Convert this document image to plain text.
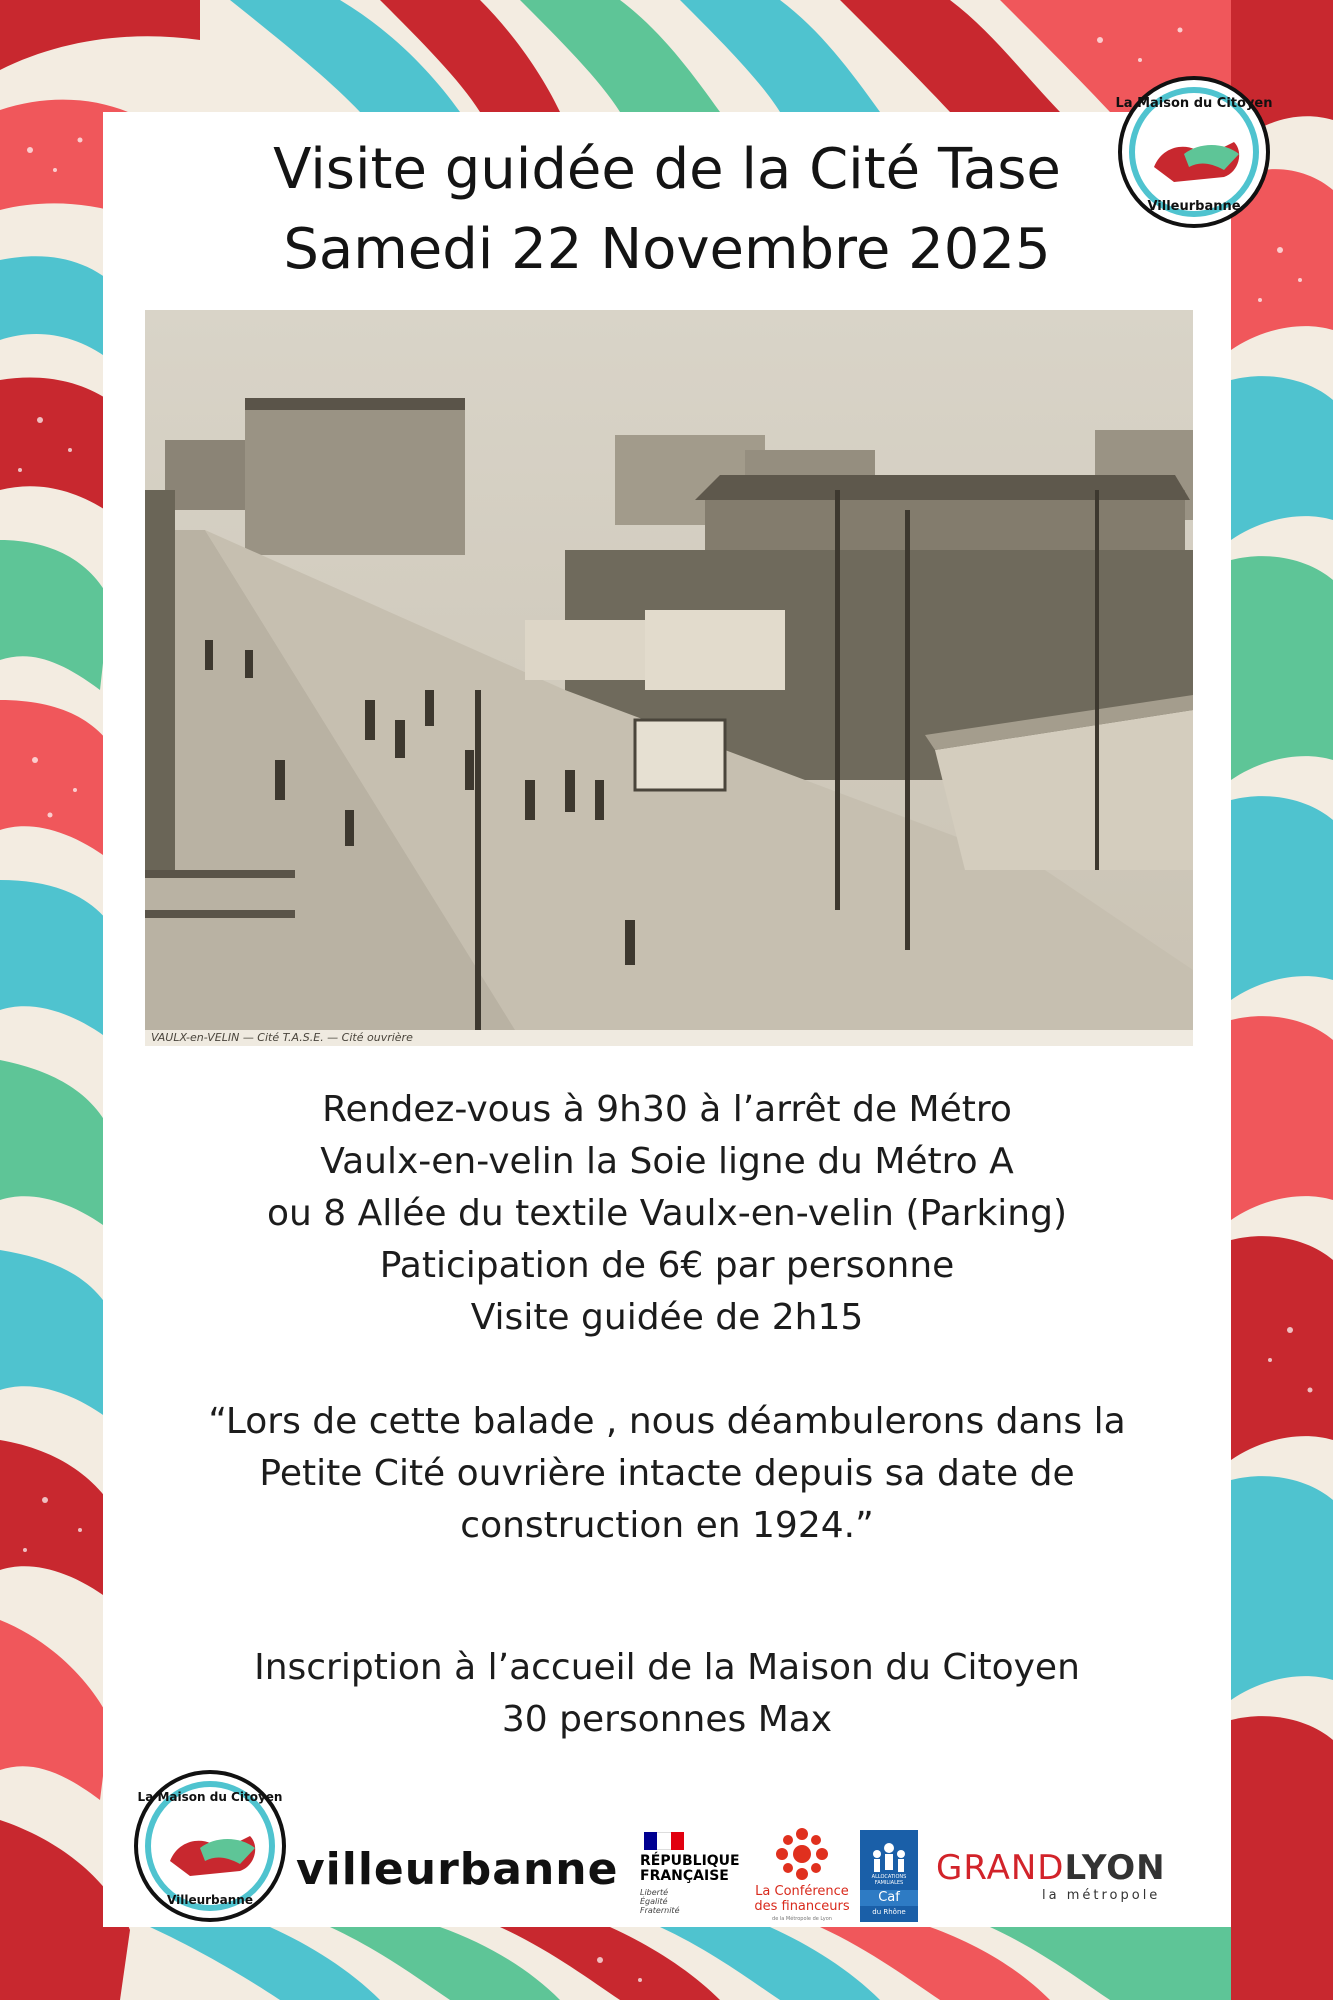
Visite guidée de la Cité Tase
Samedi 22 Novembre 2025
VAULX-en-VELIN — Cité T.A.S.E. — Cité ouvrière
Rendez-vous à 9h30 à l’arrêt de Métro
Vaulx-en-velin la Soie ligne du Métro A
ou 8 Allée du textile Vaulx-en-velin (Parking)
Paticipation de 6€ par personne
Visite guidée de 2h15
“Lors de cette balade , nous déambulerons dans la
Petite Cité ouvrière intacte depuis sa date de
construction en 1924.”
Inscription à l’accueil de la Maison du Citoyen
30 personnes Max
La Maison du Citoyen
Villeurbanne
La Maison du Citoyen
Villeurbanne
villeurbanne RÉPUBLIQUE
FRANÇAISE
Liberté
Égalité
Fraternité
La Conférence
des financeurs
de la Métropole de Lyon
ALLOCATIONS FAMILIALES
Caf
du Rhône
GRANDLYON
la métropole
